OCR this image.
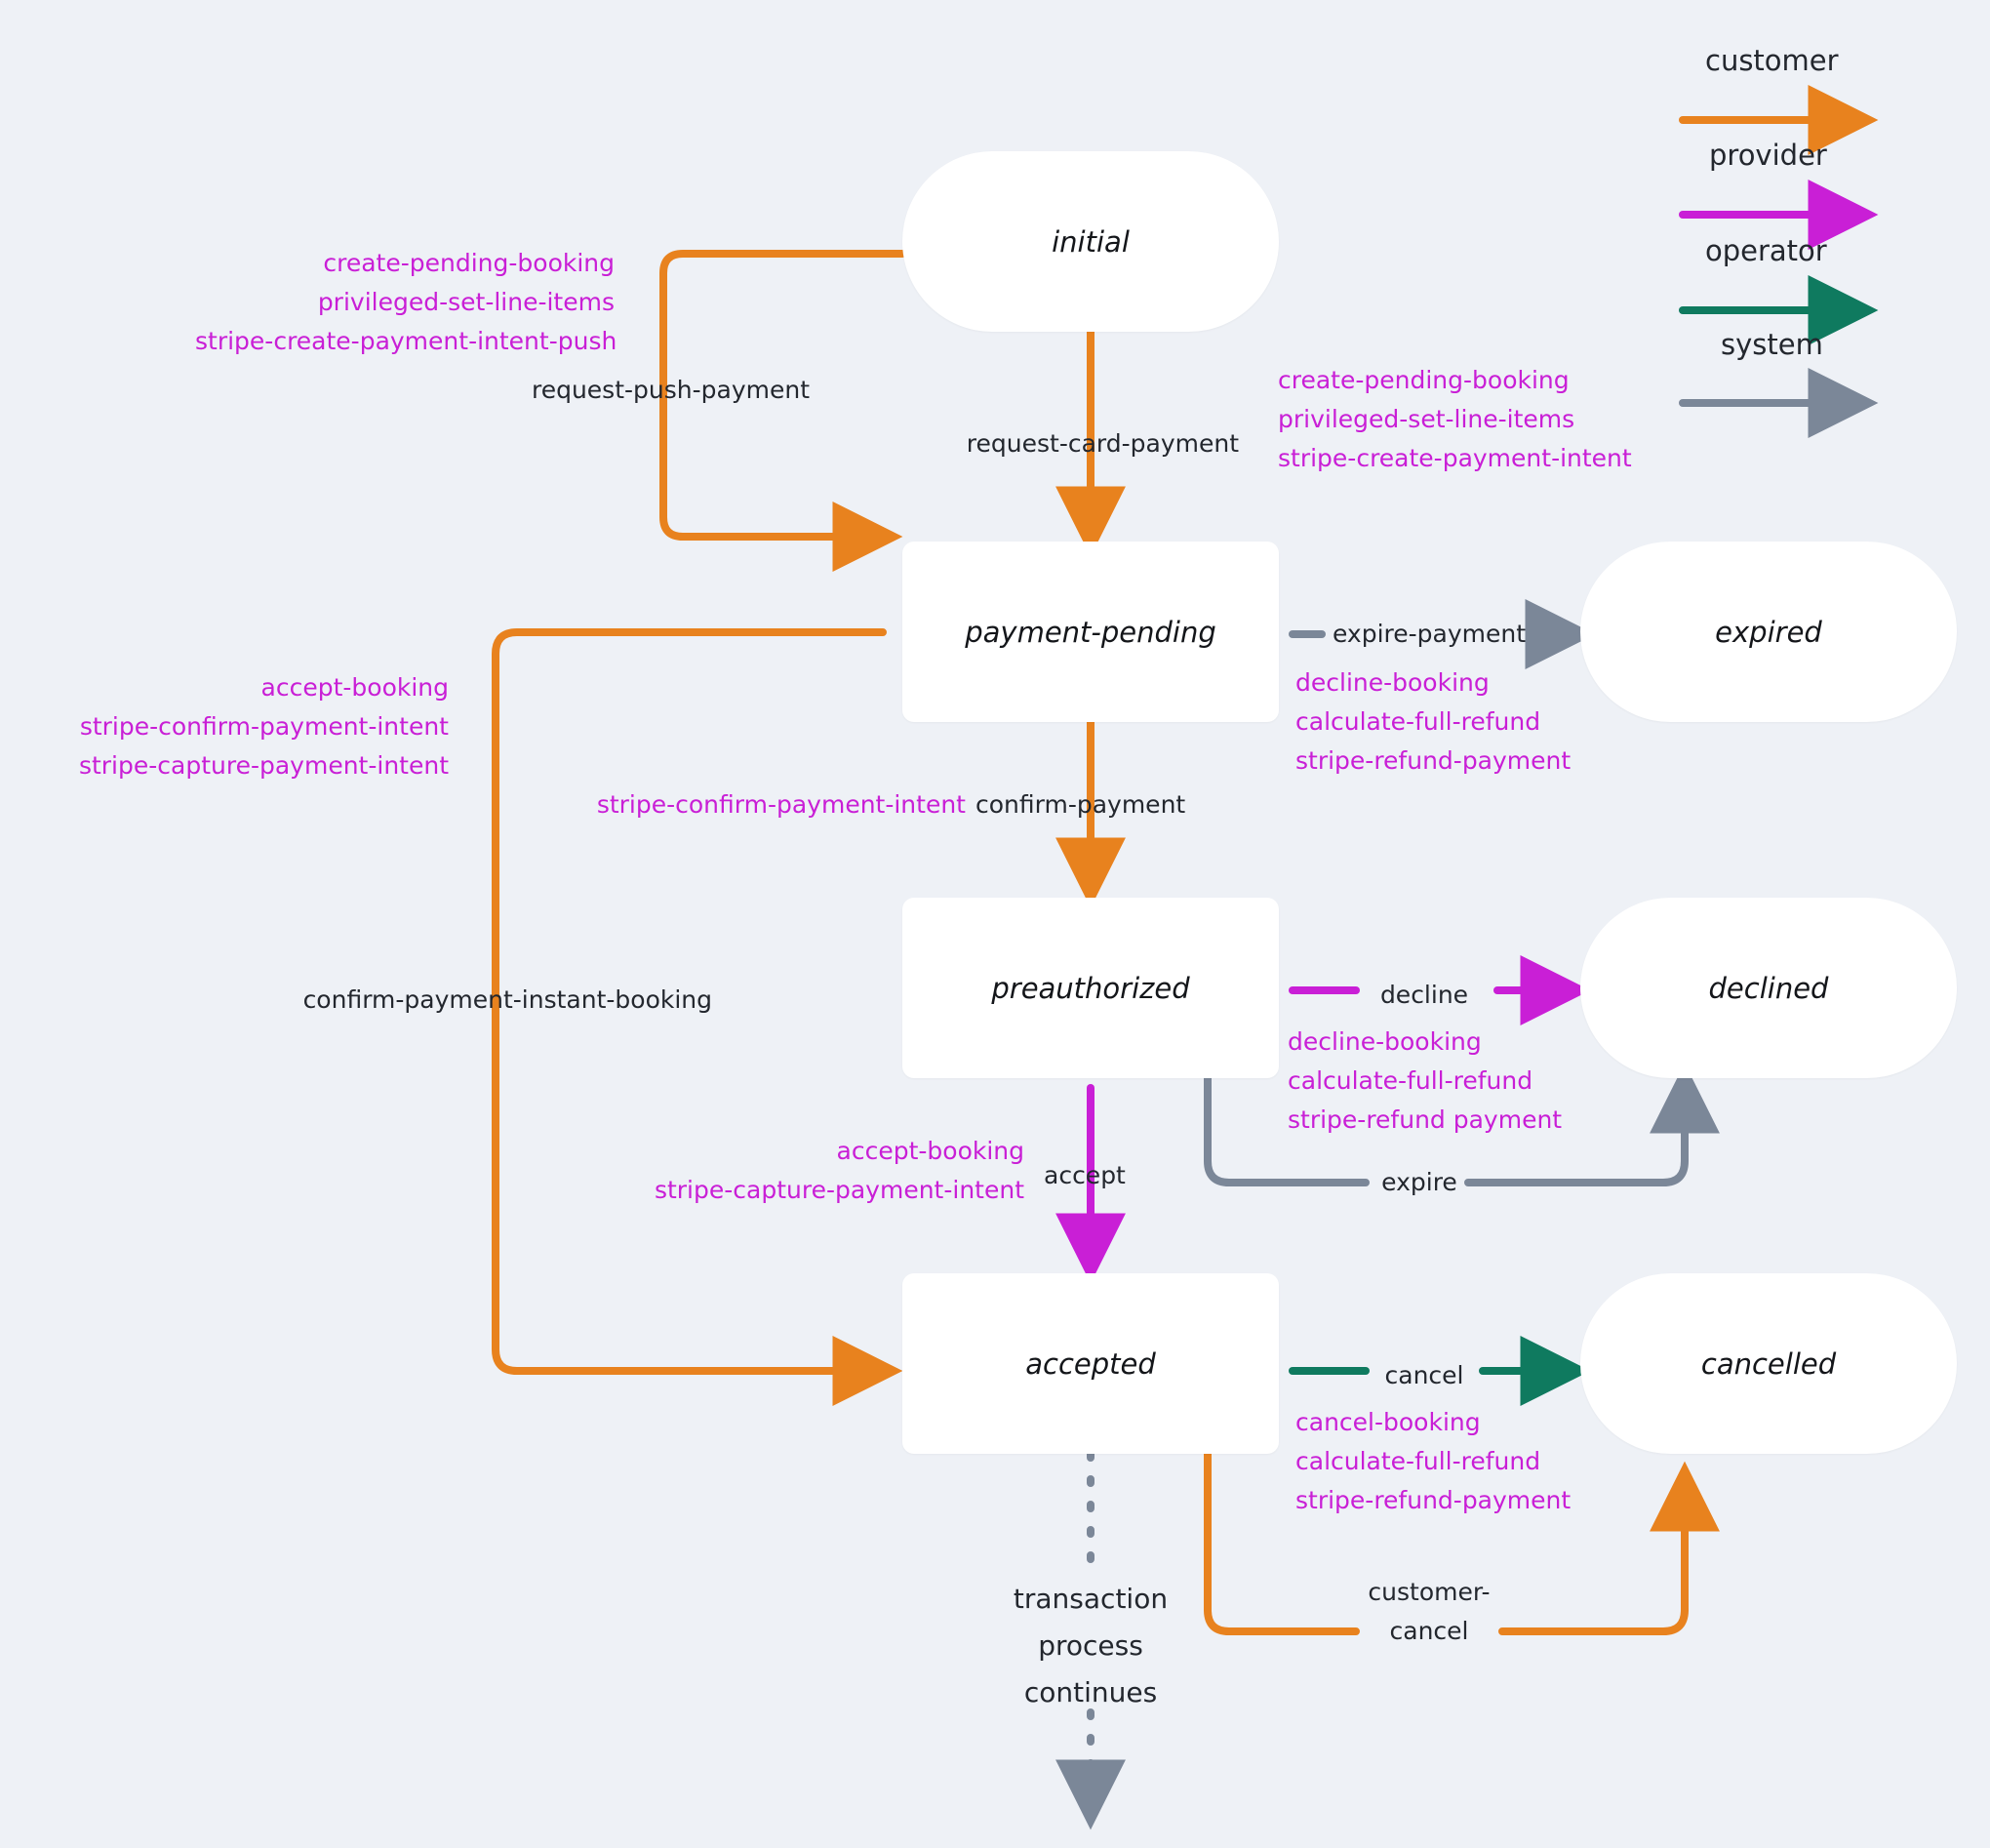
initial
payment-pending	expired
preauthorized	declined
accepted	cancelled
customer
provider
operator
system
create-pending-booking
privileged-set-line-items
stripe-create-payment-intent-push
request-push-payment
request-card-payment
create-pending-booking
privileged-set-line-items
stripe-create-payment-intent
expire-payment
decline-booking
calculate-full-refund
stripe-refund-payment
stripe-confirm-payment-intent confirm-payment
accept-booking
stripe-confirm-payment-intent
stripe-capture-payment-intent
confirm-payment-instant-booking	decline
decline-booking
calculate-full-refund
stripe-refund payment
expire
accept-booking
stripe-capture-payment-intent
accept
cancel
cancel-booking
calculate-full-refund
stripe-refund-payment
customer-
cancel
transaction
process
continues
